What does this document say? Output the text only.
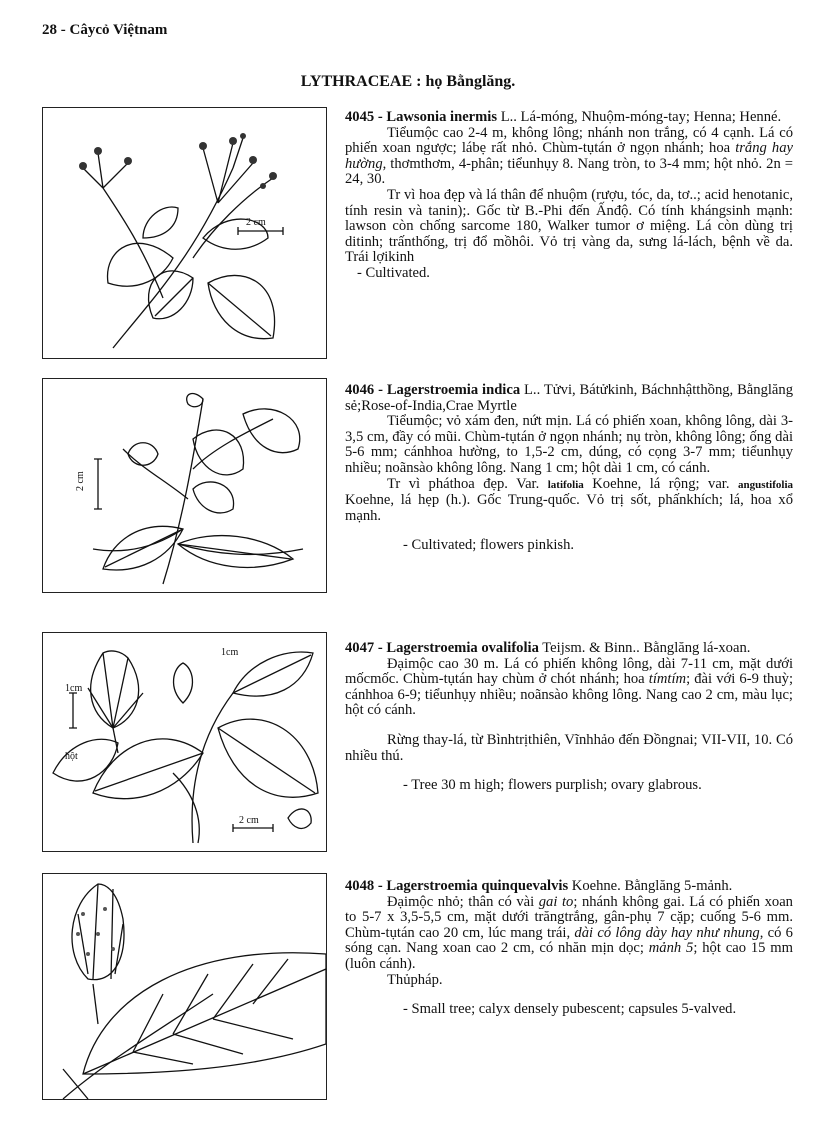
28 - Câycỏ Việtnam
LYTHRACEAE : họ Bằnglăng.
2 cm
2 cm
1cm
1cm
hột
2 cm

4045 - Lawsonia inermis L.. Lá-móng, Nhuộm-móng-tay; Henna; Henné.

Tiểumộc cao 2-4 m, không lông; nhánh non trắng, có 4 cạnh. Lá có phiến xoan ngược; lábẹ rất nhỏ. Chùm-tụtán ở ngọn nhánh; hoa trắng hay hường, thơmthơm, 4-phân; tiểunhụy 8. Nang tròn, to 3-4 mm; hột nhỏ. 2n = 24, 30.

Tr vì hoa đẹp và lá thân để nhuộm (rượu, tóc, da, tơ..; acid henotanic, tính resin và tanin);. Gốc từ B.-Phi đến Ấnđộ. Có tính khángsinh mạnh: lawson còn chống sarcome 180, Walker tumor ơ miệng. Lá còn dùng trị ditinh; trấnthống, trị đổ mồhôi. Vỏ trị vàng da, sưng lá-lách, bệnh về da. Trái lợikinh

- Cultivated.

4046 - Lagerstroemia indica L.. Tửvi, Bátửkinh, Báchnhậtthồng, Bằnglăng sẻ;Rose-of-India,Crae Myrtle

Tiểumộc; vỏ xám đen, nứt mịn. Lá có phiến xoan, không lông, dài 3-3,5 cm, đầy có mũi. Chùm-tụtán ở ngọn nhánh; nụ tròn, không lông; ống dài 5-6 mm; cánhhoa hường, to 1,5-2 cm, dúng, có cọng 3-7 mm; tiểunhụy nhiều; noãnsào không lông. Nang 1 cm; hột dài 1 cm, có cánh.

Tr vì pháthoa đẹp. Var. latifolia Koehne, lá rộng; var. angustifolia Koehne, lá hẹp (h.). Gốc Trung-quốc. Vỏ trị sốt, phấnkhích; lá, hoa xổ mạnh.

- Cultivated; flowers pinkish.

4047 - Lagerstroemia ovalifolia Teijsm. & Binn.. Bằnglăng lá-xoan.

Đạimộc cao 30 m. Lá có phiến không lông, dài 7-11 cm, mặt dưới mốcmốc. Chùm-tụtán hay chùm ở chót nhánh; hoa tímtím; đài với 6-9 thuỳ; cánhhoa 6-9; tiểunhụy nhiều; noãnsào không lông. Nang cao 2 cm, màu lục; hột có cánh.

Rừng thay-lá, từ Bìnhtrịthiên, Vĩnhhảo đến Đồngnai; VII-VII, 10. Có nhiều thú.

- Tree 30 m high; flowers purplish; ovary glabrous.

4048 - Lagerstroemia quinquevalvis Koehne. Bằnglăng 5-mảnh.

Đạimộc nhỏ; thân có vài gai to; nhánh không gai. Lá có phiến xoan to 5-7 x 3,5-5,5 cm, mặt dưới trăngtrắng, gân-phụ 7 cặp; cuống 5-6 mm. Chùm-tụtán cao 20 cm, lúc mang trái, dài có lông dày hay như nhung, có 6 sóng cạn. Nang xoan cao 2 cm, có nhăn mịn dọc; mảnh 5; hột cao 15 mm (luôn cánh).

Thủpháp.

- Small tree; calyx densely pubescent; capsules 5-valved.
